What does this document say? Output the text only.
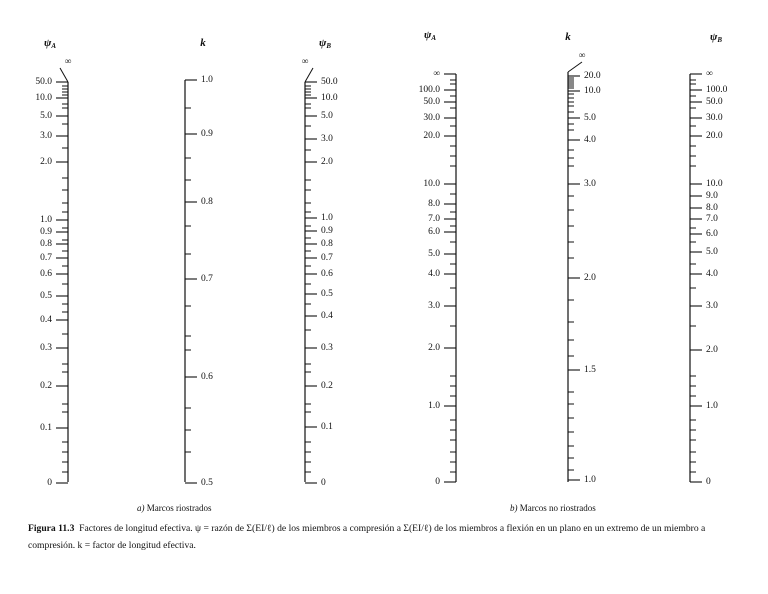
ψA
∞
50.0
10.0
5.0
3.0
2.0
1.0
0.9
0.8
0.7
0.6
0.5
0.4
0.3
0.2
0.1
0
k
1.0
0.9
0.8
0.7
0.6
0.5
ψB
∞
50.0
10.0
5.0
3.0
2.0
1.0
0.9
0.8
0.7
0.6
0.5
0.4
0.3
0.2
0.1
0
ψA
∞
100.0
50.0
30.0
20.0
10.0
8.0
7.0
6.0
5.0
4.0
3.0
2.0
1.0
0
k
∞
20.0
10.0
5.0
4.0
3.0
2.0
1.5
1.0
ψB
∞
100.0
50.0
30.0
20.0
10.0
9.0
8.0
7.0
6.0
5.0
4.0
3.0
2.0
1.0
0
a) Marcos riostrados	b) Marcos no riostrados
Figura 11.3 Factores de longitud efectiva. ψ = razón de Σ(EI/ℓ) de los miembros a compresión a Σ(EI/ℓ) de los miembros a flexión en un plano en un extremo de un miembro a compresión. k = factor de longitud efectiva.
